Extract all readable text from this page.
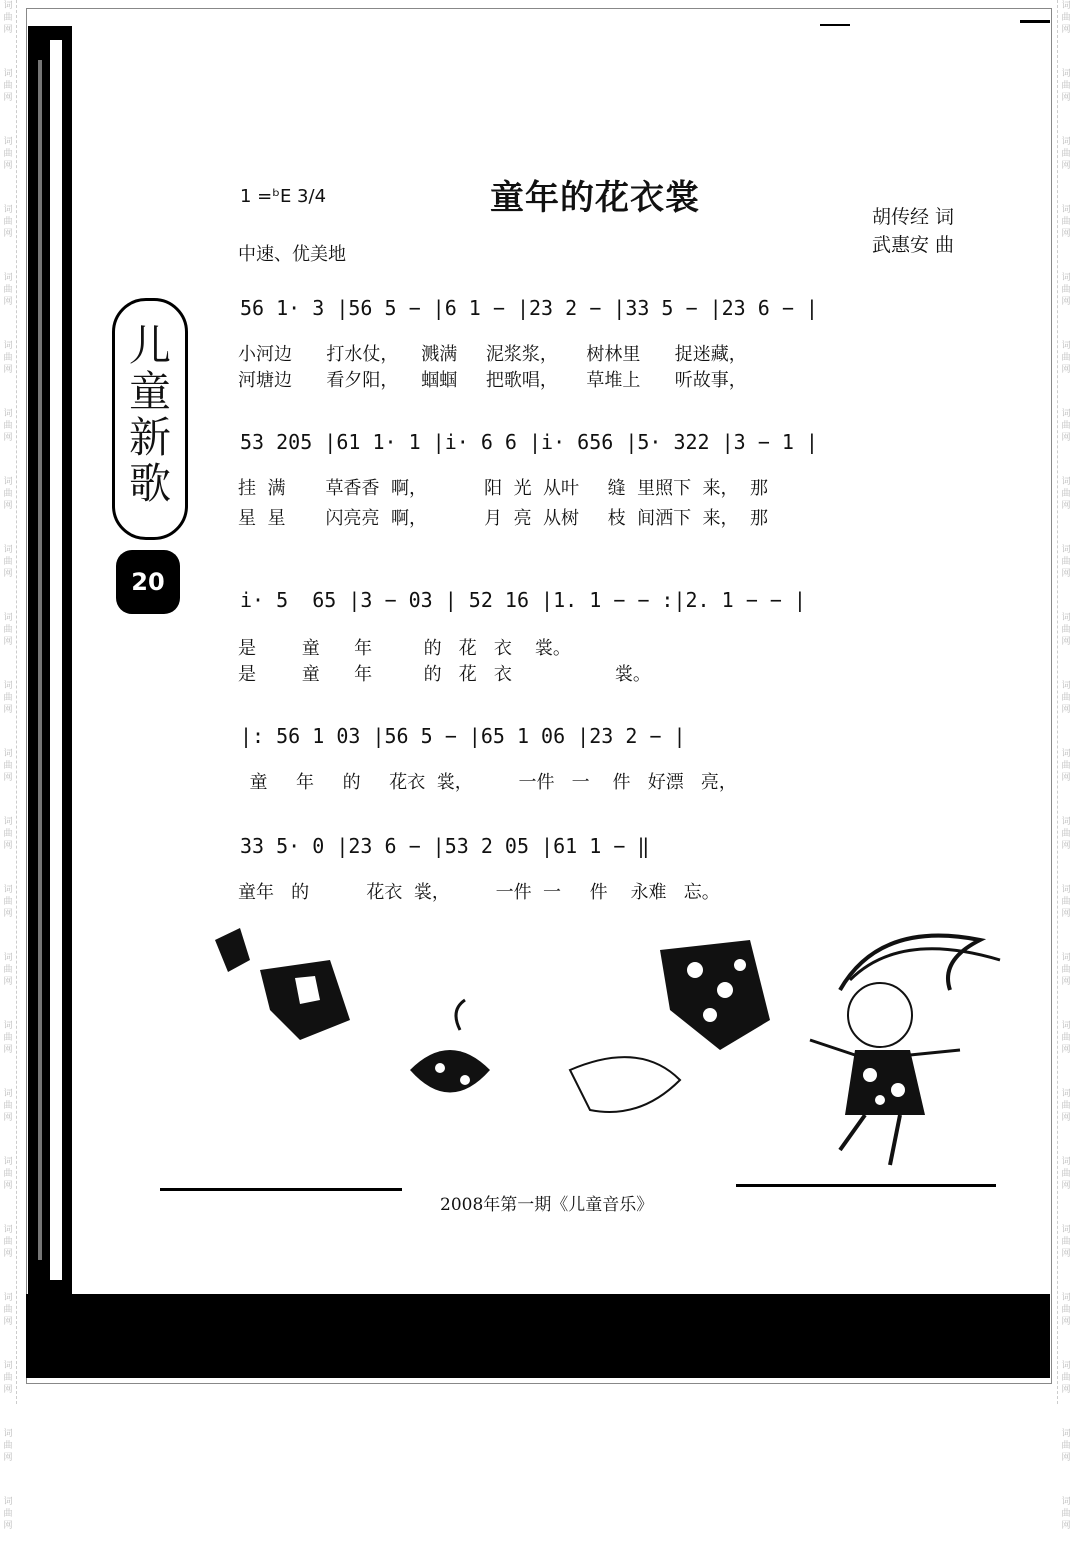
词
曲
网
词
曲
网
词
曲
网
词
曲
网
词
曲
网
词
曲
网
词
曲
网
词
曲
网
词
曲
网
词
曲
网
词
曲
网
词
曲
网
词
曲
网
词
曲
网
词
曲
网
词
曲
网
词
曲
网
词
曲
网
词
曲
网
词
曲
网
词
曲
网
词
曲
网
词
曲
网
词
曲
网
词
曲
网
词
曲
网
词
曲
网
词
曲
网
词
曲
网
词
曲
网
词
曲
网
词
曲
网
词
曲
网
词
曲
网
词
曲
网
词
曲
网
词
曲
网
词
曲
网
词
曲
网
词
曲
网
词
曲
网
词
曲
网
词
曲
网
词
曲
网
词
曲
网
词
曲
网
儿
童
新
歌
20
1 =ᵇE 3/4
中速、优美地
童年的花衣裳	胡传经 词
武惠安 曲
56 1· 3 |56 5 − |6 1 − |23 2 − |33 5 − |23 6 − |
小河边      打水仗，    溅满     泥浆浆，     树林里      捉迷藏，
河塘边      看夕阳，    蝈蝈     把歌唱，     草堆上      听故事，
53 205 |61 1· 1 |i· 6 6 |i· 656 |5· 322 |3 − 1 |
挂  满       草香香  啊，          阳  光  从叶     缝  里照下  来，  那
星  星       闪亮亮  啊，          月  亮  从树     枝  间洒下  来，  那
i· 5  65 |3 − 03 | 52 16 |1. 1 − − :|2. 1 − − |
是        童      年         的   花   衣    裳。
是        童      年         的   花   衣                  裳。
|: 56 1 03 |56 5 − |65 1 06 |23 2 − |
童     年     的     花衣  裳，        一件   一    件   好漂   亮，
33 5· 0 |23 6 − |53 2 05 |61 1 − ‖
童年   的          花衣  裳，        一件  一     件    永难   忘。
2008年第一期《儿童音乐》
